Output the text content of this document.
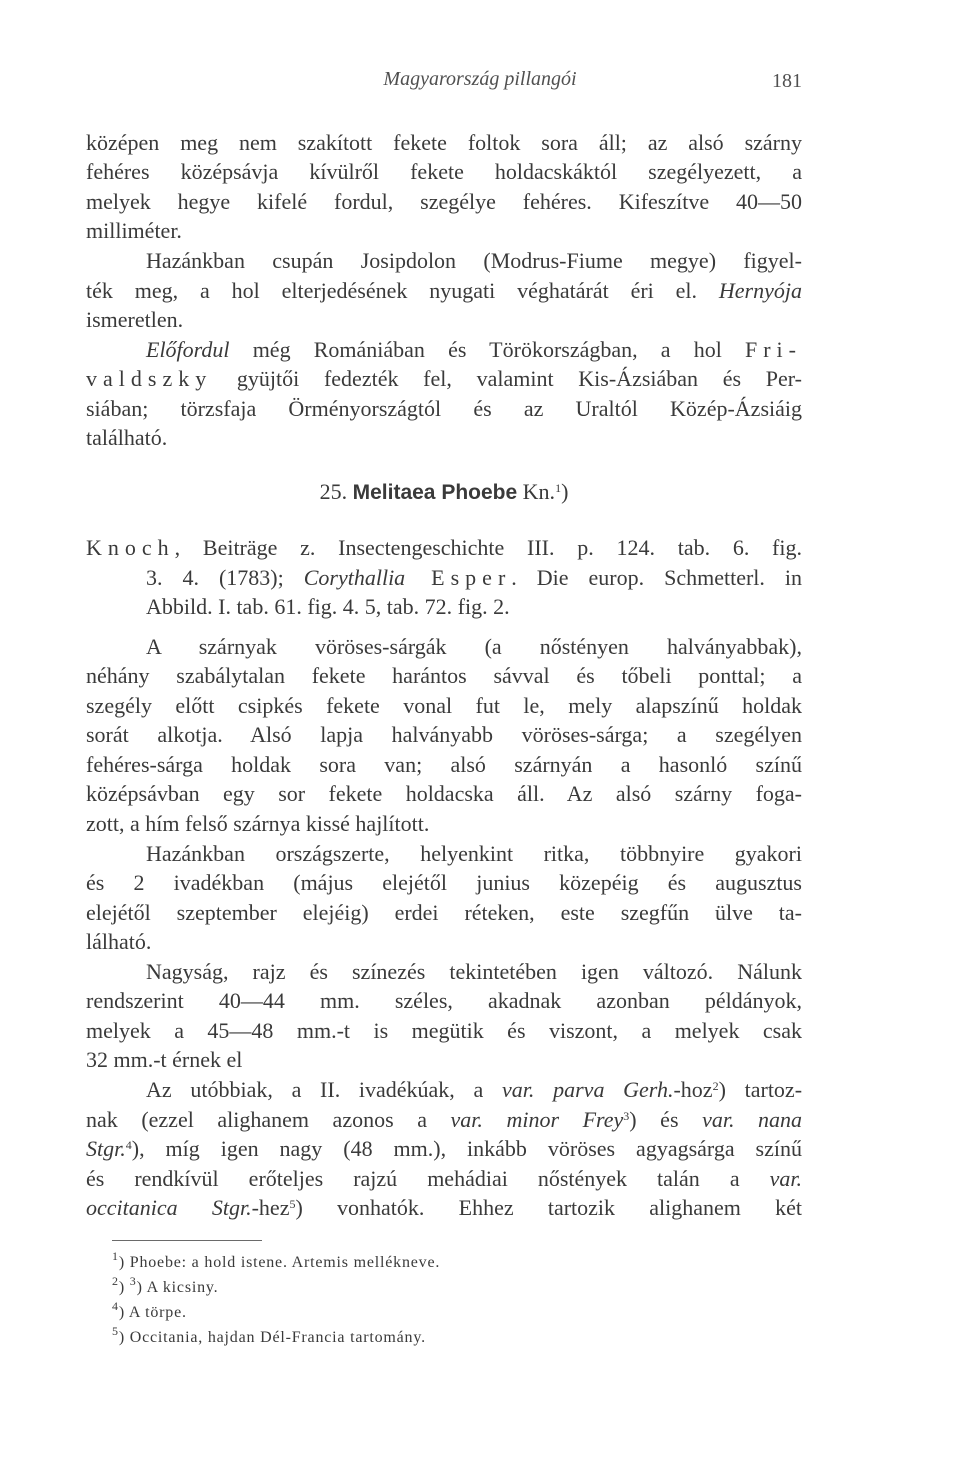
Magyarország pillangói	181
középen meg nem szakított fekete foltok sora áll; az alsó szárny
fehéres középsávja kívülről fekete holdacskáktól szegélyezett, a
melyek hegye kifelé fordul, szegélye fehéres. Kifeszítve 40—50
milliméter.
Hazánkban csupán Josipdolon (Modrus-Fiume megye) figyel-
ték meg, a hol elterjedésének nyugati véghatárát éri el. Hernyója
ismeretlen.
Előfordul még Romániában és Törökországban, a hol Fri-
valdszky gyüjtői fedezték fel, valamint Kis-Ázsiában és Per-
siában; törzsfaja Örményországtól és az Uraltól Közép-Ázsiáig
található.
25. Melitaea Phoebe Kn.$^1$)
Knoch, Beiträge z. Insectengeschichte III. p. 124. tab. 6. fig.
3. 4. (1783); Corythallia Esper. Die europ. Schmetterl. in
Abbild. I. tab. 61. fig. 4. 5, tab. 72. fig. 2.
A szárnyak vöröses-sárgák (a nőstényen halványabbak),
néhány szabálytalan fekete harántos sávval és tőbeli ponttal; a
szegély előtt csipkés fekete vonal fut le, mely alapszínű holdak
sorát alkotja. Alsó lapja halványabb vöröses-sárga; a szegélyen
fehéres-sárga holdak sora van; alsó szárnyán a hasonló színű
középsávban egy sor fekete holdacska áll. Az alsó szárny foga-
zott, a hím felső szárnya kissé hajlított.
Hazánkban országszerte, helyenkint ritka, többnyire gyakori
és 2 ivadékban (május elejétől junius közepéig és augusztus
elejétől szeptember elejéig) erdei réteken, este szegfűn ülve ta-
lálható.
Nagyság, rajz és színezés tekintetében igen változó. Nálunk
rendszerint 40—44 mm. széles, akadnak azonban példányok,
melyek a 45—48 mm.-t is megütik és viszont, a melyek csak
32 mm.-t érnek el
Az utóbbiak, a II. ivadékúak, a var. parva Gerh.-hoz$^2$) tartoz-
nak (ezzel alighanem azonos a var. minor Frey$^3$) és var. nana
Stgr.$^4$), míg igen nagy (48 mm.), inkább vöröses agyagsárga színű
és rendkívül erőteljes rajzú mehádiai nőstények talán a var.
occitanica Stgr.-hez$^5$) vonhatók. Ehhez tartozik alighanem két
$^1$) Phoebe: a hold istene. Artemis melléknevе.
$^2$) $^3$) A kicsiny.
$^4$) A törpe.
$^5$) Occitania, hajdan Dél-Francia tartomány.
